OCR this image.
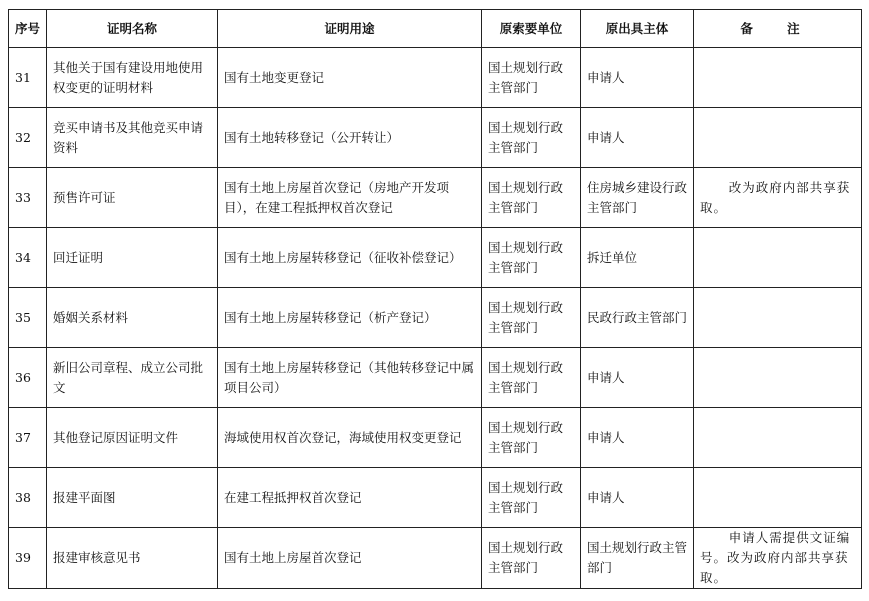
序号	证明名称	证明用途	原索要单位	原出具主体	备 注
31	其他关于国有建设用地使用权变更的证明材料	国有土地变更登记	国土规划行政主管部门	申请人	
32	竞买申请书及其他竞买申请资料	国有土地转移登记（公开转让）	国土规划行政主管部门	申请人	
33	预售许可证	国有土地上房屋首次登记（房地产开发项目），在建工程抵押权首次登记	国土规划行政主管部门	住房城乡建设行政主管部门	改为政府内部共享获取。
34	回迁证明	国有土地上房屋转移登记（征收补偿登记）	国土规划行政主管部门	拆迁单位	
35	婚姻关系材料	国有土地上房屋转移登记（析产登记）	国土规划行政主管部门	民政行政主管部门	
36	新旧公司章程、成立公司批文	国有土地上房屋转移登记（其他转移登记中属项目公司）	国土规划行政主管部门	申请人	
37	其他登记原因证明文件	海域使用权首次登记，海域使用权变更登记	国土规划行政主管部门	申请人	
38	报建平面图	在建工程抵押权首次登记	国土规划行政主管部门	申请人	
39	报建审核意见书	国有土地上房屋首次登记	国土规划行政主管部门	国土规划行政主管部门	申请人需提供文证编号。改为政府内部共享获取。
